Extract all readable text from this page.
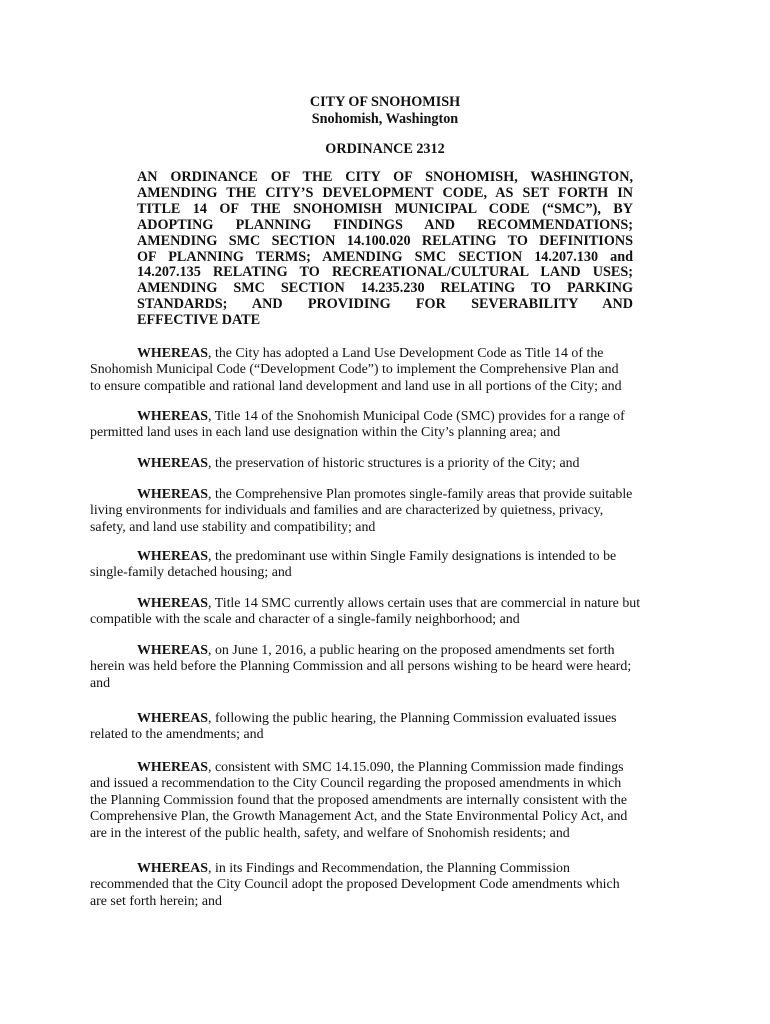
CITY OF SNOHOMISH
Snohomish, Washington
ORDINANCE 2312
AN ORDINANCE OF THE CITY OF SNOHOMISH, WASHINGTON,
AMENDING THE CITY’S DEVELOPMENT CODE, AS SET FORTH IN
TITLE 14 OF THE SNOHOMISH MUNICIPAL CODE (“SMC”), BY
ADOPTING PLANNING FINDINGS AND RECOMMENDATIONS;
AMENDING SMC SECTION 14.100.020 RELATING TO DEFINITIONS
OF PLANNING TERMS; AMENDING SMC SECTION 14.207.130 and
14.207.135 RELATING TO RECREATIONAL/CULTURAL LAND USES;
AMENDING SMC SECTION 14.235.230 RELATING TO PARKING
STANDARDS; AND PROVIDING FOR SEVERABILITY AND
EFFECTIVE DATE
WHEREAS, the City has adopted a Land Use Development Code as Title 14 of the
Snohomish Municipal Code (“Development Code”) to implement the Comprehensive Plan and
to ensure compatible and rational land development and land use in all portions of the City; and
WHEREAS, Title 14 of the Snohomish Municipal Code (SMC) provides for a range of
permitted land uses in each land use designation within the City’s planning area; and
WHEREAS, the preservation of historic structures is a priority of the City; and
WHEREAS, the Comprehensive Plan promotes single-family areas that provide suitable
living environments for individuals and families and are characterized by quietness, privacy,
safety, and land use stability and compatibility; and
WHEREAS, the predominant use within Single Family designations is intended to be
single-family detached housing; and
WHEREAS, Title 14 SMC currently allows certain uses that are commercial in nature but
compatible with the scale and character of a single-family neighborhood; and
WHEREAS, on June 1, 2016, a public hearing on the proposed amendments set forth
herein was held before the Planning Commission and all persons wishing to be heard were heard;
and
WHEREAS, following the public hearing, the Planning Commission evaluated issues
related to the amendments; and
WHEREAS, consistent with SMC 14.15.090, the Planning Commission made findings
and issued a recommendation to the City Council regarding the proposed amendments in which
the Planning Commission found that the proposed amendments are internally consistent with the
Comprehensive Plan, the Growth Management Act, and the State Environmental Policy Act, and
are in the interest of the public health, safety, and welfare of Snohomish residents; and
WHEREAS, in its Findings and Recommendation, the Planning Commission
recommended that the City Council adopt the proposed Development Code amendments which
are set forth herein; and
